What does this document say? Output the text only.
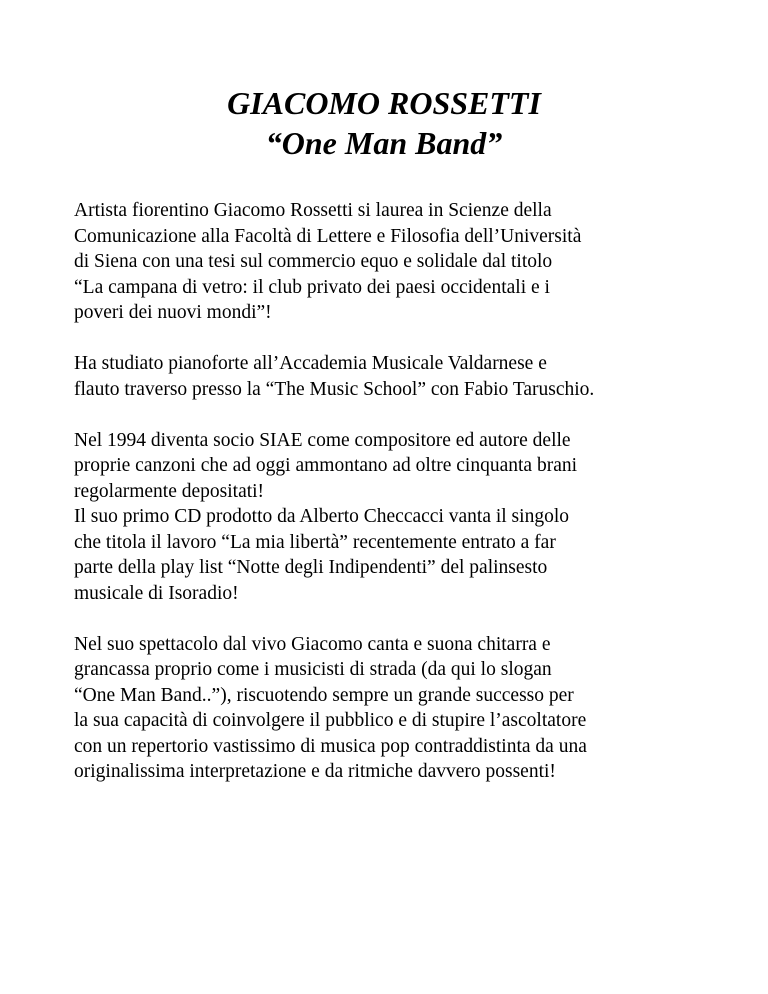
GIACOMO ROSSETTI
“One Man Band”

Artista fiorentino Giacomo Rossetti si laurea in Scienze della
Comunicazione alla Facoltà di Lettere e Filosofia dell’Università
di Siena con una tesi sul commercio equo e solidale dal titolo
“La campana di vetro: il club privato dei paesi occidentali e i
poveri dei nuovi mondi”!

Ha studiato pianoforte all’Accademia Musicale Valdarnese e
flauto traverso presso la “The Music School” con Fabio Taruschio.

Nel 1994 diventa socio SIAE come compositore ed autore delle
proprie canzoni che ad oggi ammontano ad oltre cinquanta brani
regolarmente depositati!

Il suo primo CD prodotto da Alberto Checcacci vanta il singolo
che titola il lavoro “La mia libertà” recentemente entrato a far
parte della play list “Notte degli Indipendenti” del palinsesto
musicale di Isoradio!

Nel suo spettacolo dal vivo Giacomo canta e suona chitarra e
grancassa proprio come i musicisti di strada (da qui lo slogan
“One Man Band..”), riscuotendo sempre un grande successo per
la sua capacità di coinvolgere il pubblico e di stupire l’ascoltatore
con un repertorio vastissimo di musica pop contraddistinta da una
originalissima interpretazione e da ritmiche davvero possenti!
